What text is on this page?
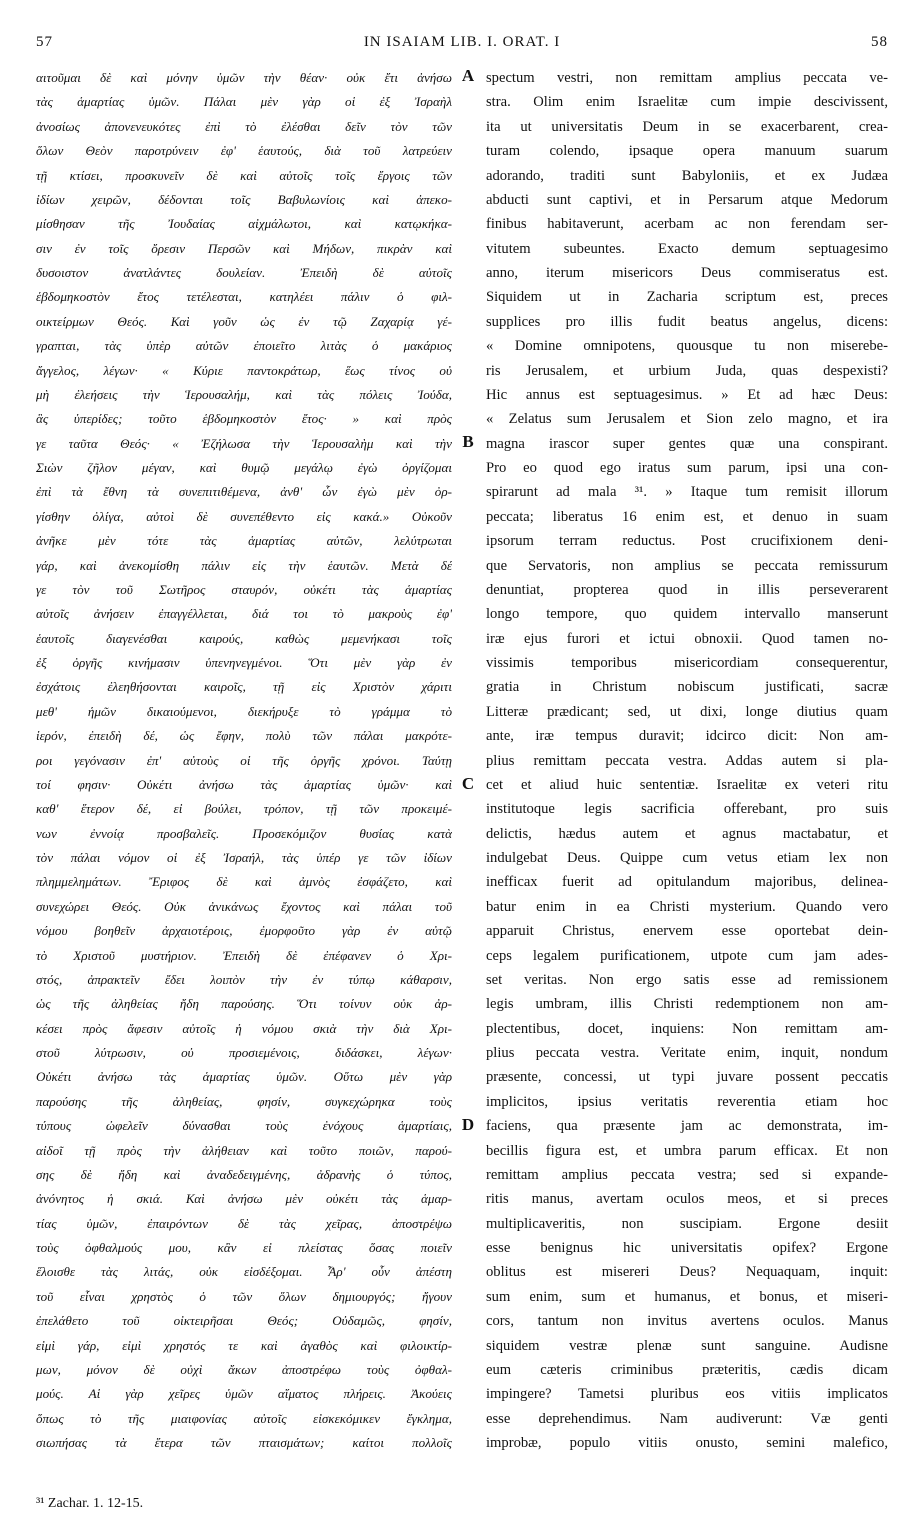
57	IN ISAIAM LIB. I. ORAT. I	58
αιτοῦμαι δὲ καὶ μόνην ὑμῶν τὴν θέαν· οὐκ ἔτι ἀνήσω
τὰς ἁμαρτίας ὑμῶν. Πάλαι μὲν γὰρ οἱ ἐξ Ἰσραὴλ
ἀνοσίως ἀπονενευκότες ἐπὶ τὸ ἐλέσθαι δεῖν τὸν τῶν
ὅλων Θεὸν παροτρύνειν ἐφ' ἑαυτούς, διὰ τοῦ λατρεύειν
τῇ κτίσει, προσκυνεῖν δὲ καὶ αὐτοῖς τοῖς ἔργοις τῶν
ἰδίων χειρῶν, δέδονται τοῖς Βαβυλωνίοις καὶ ἀπεκο-
μίσθησαν τῆς Ἰουδαίας αἰχμάλωτοι, καὶ κατῳκήκα-
σιν ἐν τοῖς ὄρεσιν Περσῶν καὶ Μήδων, πικρὰν καὶ
δυσοιστον ἀνατλάντες δουλείαν. Ἐπειδὴ δὲ αὐτοῖς
ἑβδομηκοστὸν ἔτος τετέλεσται, κατηλέει πάλιν ὁ φιλ-
οικτείρμων Θεός. Καὶ γοῦν ὡς ἐν τῷ Ζαχαρίᾳ γέ-
γραπται, τὰς ὑπὲρ αὐτῶν ἐποιεῖτο λιτὰς ὁ μακάριος
ἄγγελος, λέγων· « Κύριε παντοκράτωρ, ἕως τίνος οὐ
μὴ ἐλεήσεις τὴν Ἱερουσαλήμ, καὶ τὰς πόλεις Ἰούδα,
ἃς ὑπερίδες; τοῦτο ἑβδομηκοστὸν ἔτος· » καὶ πρὸς
γε ταῦτα Θεός· « Ἐζήλωσα τὴν Ἱερουσαλὴμ καὶ τὴν
Σιὼν ζῆλον μέγαν, καὶ θυμῷ μεγάλῳ ἐγὼ ὀργίζομαι
ἐπὶ τὰ ἔθνη τὰ συνεπιτιθέμενα, ἀνθ' ὧν ἐγὼ μὲν ὀρ-
γίσθην ὀλίγα, αὐτοὶ δὲ συνεπέθεντο εἰς κακά.» Οὐκοῦν
ἀνῆκε μὲν τότε τὰς ἁμαρτίας αὐτῶν, λελύτρωται
γάρ, καὶ ἀνεκομίσθη πάλιν εἰς τὴν ἑαυτῶν. Μετὰ δέ
γε τὸν τοῦ Σωτῆρος σταυρόν, οὐκέτι τὰς ἁμαρτίας
αὐτοῖς ἀνήσειν ἐπαγγέλλεται, διά τοι τὸ μακροὺς ἐφ'
ἑαυτοῖς διαγενέσθαι καιρούς, καθὼς μεμενήκασι τοῖς
ἐξ ὀργῆς κινήμασιν ὑπενηνεγμένοι. Ὅτι μὲν γὰρ ἐν
ἐσχάτοις ἐλεηθήσονται καιροῖς, τῇ εἰς Χριστὸν χάριτι
μεθ' ἡμῶν δικαιούμενοι, διεκήρυξε τὸ γράμμα τὸ
ἱερόν, ἐπειδὴ δέ, ὡς ἔφην, πολὺ τῶν πάλαι μακρότε-
ροι γεγόνασιν ἐπ' αὐτοὺς οἱ τῆς ὀργῆς χρόνοι. Ταύτῃ
τοί φησιν· Οὐκέτι ἀνήσω τὰς ἁμαρτίας ὑμῶν· καὶ
καθ' ἕτερον δέ, εἰ βούλει, τρόπον, τῇ τῶν προκειμέ-
νων ἐννοίᾳ προσβαλεῖς. Προσεκόμιζον θυσίας κατὰ
τὸν πάλαι νόμον οἱ ἐξ Ἰσραήλ, τὰς ὑπέρ γε τῶν ἰδίων
πλημμελημάτων. Ἔριφος δὲ καὶ ἀμνὸς ἐσφάζετο, καὶ
συνεχώρει Θεός. Οὐκ ἀνικάνως ἔχοντος καὶ πάλαι τοῦ
νόμου βοηθεῖν ἀρχαιοτέροις, ἐμορφοῦτο γὰρ ἐν αὐτῷ
τὸ Χριστοῦ μυστήριον. Ἐπειδὴ δὲ ἐπέφανεν ὁ Χρι-
στός, ἀπρακτεῖν ἔδει λοιπὸν τὴν ἐν τύπῳ κάθαρσιν,
ὡς τῆς ἀληθείας ἤδη παρούσης. Ὅτι τοίνυν οὐκ ἀρ-
κέσει πρὸς ἄφεσιν αὐτοῖς ἡ νόμου σκιὰ τὴν διὰ Χρι-
στοῦ λύτρωσιν, οὐ προσιεμένοις, διδάσκει, λέγων·
Οὐκέτι ἀνήσω τὰς ἁμαρτίας ὑμῶν. Οὕτω μὲν γὰρ
παρούσης τῆς ἀληθείας, φησίν, συγκεχώρηκα τοὺς
τύπους ὠφελεῖν δύνασθαι τοὺς ἐνόχους ἁμαρτίαις,
αἰδοῖ τῇ πρὸς τὴν ἀλήθειαν καὶ τοῦτο ποιῶν, παρού-
σης δὲ ἤδη καὶ ἀναδεδειγμένης, ἀδρανὴς ὁ τύπος,
ἀνόνητος ἡ σκιά. Καὶ ἀνήσω μὲν οὐκέτι τὰς ἁμαρ-
τίας ὑμῶν, ἐπαιρόντων δὲ τὰς χεῖρας, ἀποστρέψω
τοὺς ὀφθαλμούς μου, κἂν εἰ πλείστας ὅσας ποιεῖν
ἕλοισθε τὰς λιτάς, οὐκ εἰσδέξομαι. Ἆρ' οὖν ἀπέστη
τοῦ εἶναι χρηστὸς ὁ τῶν ὅλων δημιουργός; ἤγουν
ἐπελάθετο τοῦ οἰκτειρῆσαι Θεός; Οὐδαμῶς, φησίν,
εἰμὶ γάρ, εἰμὶ χρηστός τε καὶ ἀγαθὸς καὶ φιλοικτίρ-
μων, μόνον δὲ οὐχὶ ἄκων ἀποστρέφω τοὺς ὀφθαλ-
μούς. Αἱ γὰρ χεῖρες ὑμῶν αἵματος πλήρεις. Ἀκούεις
ὅπως τὸ τῆς μιαιφονίας αὐτοῖς εἰσκεκόμικεν ἔγκλημα,
σιωπήσας τὰ ἕτερα τῶν πταισμάτων; καίτοι πολλοῖς
spectum vestri, non remittam amplius peccata ve-
stra. Olim enim Israelitæ cum impie descivissent,
ita ut universitatis Deum in se exacerbarent, crea-
turam colendo, ipsaque opera manuum suarum
adorando, traditi sunt Babyloniis, et ex Judæa
abducti sunt captivi, et in Persarum atque Medorum
finibus habitaverunt, acerbam ac non ferendam ser-
vitutem subeuntes. Exacto demum septuagesimo
anno, iterum misericors Deus commiseratus est.
Siquidem ut in Zacharia scriptum est, preces
supplices pro illis fudit beatus angelus, dicens:
« Domine omnipotens, quousque tu non miserebe-
ris Jerusalem, et urbium Juda, quas despexisti?
Hic annus est septuagesimus. » Et ad hæc Deus:
« Zelatus sum Jerusalem et Sion zelo magno, et ira
magna irascor super gentes quæ una conspirant.
Pro eo quod ego iratus sum parum, ipsi una con-
spirarunt ad mala ³¹. » Itaque tum remisit illorum
peccata; liberatus 16 enim est, et denuo in suam
ipsorum terram reductus. Post crucifixionem deni-
que Servatoris, non amplius se peccata remissurum
denuntiat, propterea quod in illis perseverarent
longo tempore, quo quidem intervallo manserunt
iræ ejus furori et ictui obnoxii. Quod tamen no-
vissimis temporibus misericordiam consequerentur,
gratia in Christum nobiscum justificati, sacræ
Litteræ prædicant; sed, ut dixi, longe diutius quam
ante, iræ tempus duravit; idcirco dicit: Non am-
plius remittam peccata vestra. Addas autem si pla-
cet et aliud huic sententiæ. Israelitæ ex veteri ritu
institutoque legis sacrificia offerebant, pro suis
delictis, hædus autem et agnus mactabatur, et
indulgebat Deus. Quippe cum vetus etiam lex non
inefficax fuerit ad opitulandum majoribus, delinea-
batur enim in ea Christi mysterium. Quando vero
apparuit Christus, enervem esse oportebat dein-
ceps legalem purificationem, utpote cum jam ades-
set veritas. Non ergo satis esse ad remissionem
legis umbram, illis Christi redemptionem non am-
plectentibus, docet, inquiens: Non remittam am-
plius peccata vestra. Veritate enim, inquit, nondum
præsente, concessi, ut typi juvare possent peccatis
implicitos, ipsius veritatis reverentia etiam hoc
faciens, qua præsente jam ac demonstrata, im-
becillis figura est, et umbra parum efficax. Et non
remittam amplius peccata vestra; sed si expande-
ritis manus, avertam oculos meos, et si preces
multiplicaveritis, non suscipiam. Ergone desiit
esse benignus hic universitatis opifex? Ergone
oblitus est misereri Deus? Nequaquam, inquit:
sum enim, sum et humanus, et bonus, et miseri-
cors, tantum non invitus avertens oculos. Manus
siquidem vestræ plenæ sunt sanguine. Audisne
eum cæteris criminibus præteritis, cædis dicam
impingere? Tametsi pluribus eos vitiis implicatos
esse deprehendimus. Nam audiverunt: Væ genti
improbæ, populo vitiis onusto, semini malefico,
A
B
C
D
³¹ Zachar. 1. 12-15.
